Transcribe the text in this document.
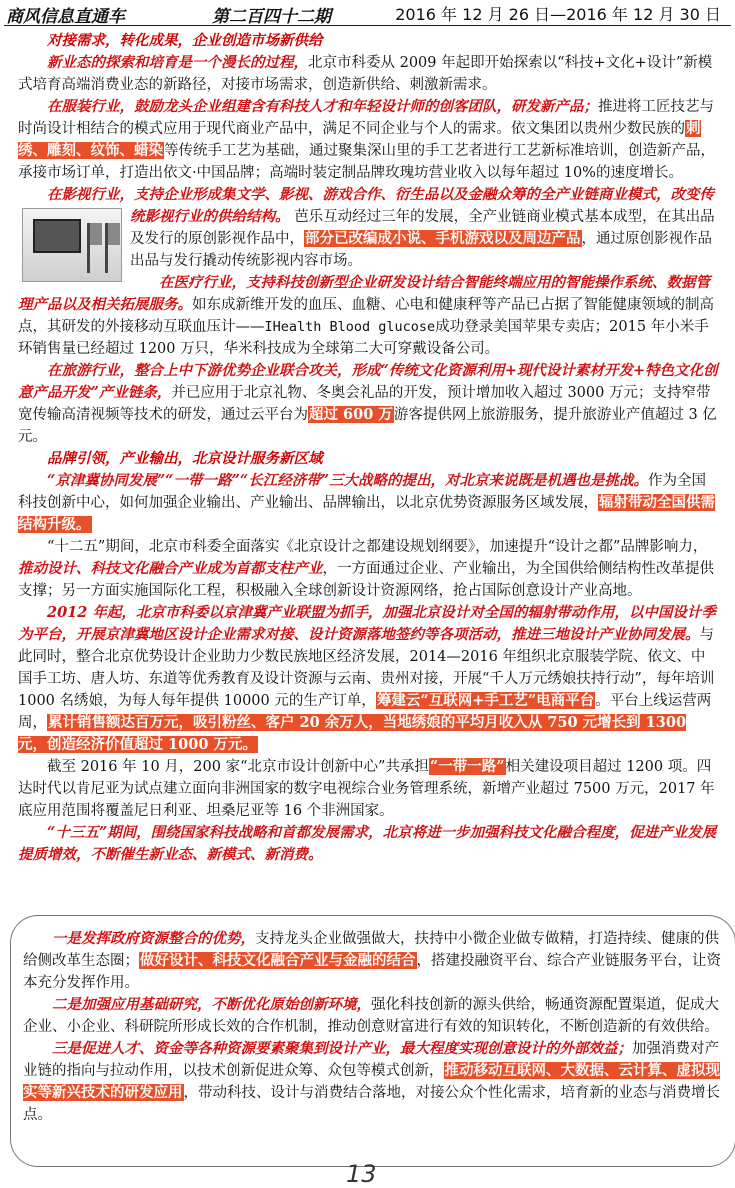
商风信息直通车	第二百四十二期	2016 年 12 月 26 日—2016 年 12 月 30 日

对接需求，转化成果，企业创造市场新供给

新业态的探索和培育是一个漫长的过程，北京市科委从 2009 年起即开始探索以“科技+文化+设计”新模式培育高端消费业态的新路径，对接市场需求，创造新供给、刺激新需求。

在服装行业，鼓励龙头企业组建含有科技人才和年轻设计师的创客团队，研发新产品；推进将工匠技艺与时尚设计相结合的模式应用于现代商业产品中，满足不同企业与个人的需求。依文集团以贵州少数民族的刺绣、雕刻、纹饰、蜡染等传统手工艺为基础，通过聚集深山里的手工艺者进行工艺新标准培训，创造新产品，承接市场订单，打造出依文·中国品牌；高端时装定制品牌玫瑰坊营业收入以每年超过 10%的速度增长。

在影视行业，支持企业形成集文学、影视、游戏合作、衍生品以及金融众筹的全产业链商业模式，改变传统影视行业的供给结构。 芭乐互动经过三年的发展，全产业链商业模式基本成型，在其出品及发行的原创影视作品中，部分已改编成小说、手机游戏以及周边产品，通过原创影视作品出品与发行撬动传统影视内容市场。

在医疗行业，支持科技创新型企业研发设计结合智能终端应用的智能操作系统、数据管理产品以及相关拓展服务。如东成新维开发的血压、血糖、心电和健康秤等产品已占据了智能健康领域的制高点，其研发的外接移动互联血压计——IHealth Blood glucose成功登录美国苹果专卖店；2015 年小米手环销售量已经超过 1200 万只，华米科技成为全球第二大可穿戴设备公司。

在旅游行业，整合上中下游优势企业联合攻关，形成“传统文化资源利用+现代设计素材开发+特色文化创意产品开发”产业链条，并已应用于北京礼物、冬奥会礼品的开发，预计增加收入超过 3000 万元；支持窄带宽传输高清视频等技术的研发，通过云平台为超过 600 万游客提供网上旅游服务，提升旅游业产值超过 3 亿元。

品牌引领，产业输出，北京设计服务新区域

“京津冀协同发展”“一带一路”“长江经济带”三大战略的提出，对北京来说既是机遇也是挑战。作为全国科技创新中心，如何加强企业输出、产业输出、品牌输出，以北京优势资源服务区域发展，辐射带动全国供需结构升级。

“十二五”期间，北京市科委全面落实《北京设计之都建设规划纲要》，加速提升“设计之都”品牌影响力，推动设计、科技文化融合产业成为首都支柱产业，一方面通过企业、产业输出，为全国供给侧结构性改革提供支撑；另一方面实施国际化工程，积极融入全球创新设计资源网络，抢占国际创意设计产业高地。

2012 年起，北京市科委以京津冀产业联盟为抓手，加强北京设计对全国的辐射带动作用，以中国设计季为平台，开展京津冀地区设计企业需求对接、设计资源落地签约等各项活动，推进三地设计产业协同发展。与此同时，整合北京优势设计企业助力少数民族地区经济发展，2014—2016 年组织北京服装学院、依文、中国手工坊、唐人坊、东道等优秀教育及设计资源与云南、贵州对接，开展“千人万元绣娘扶持行动”，每年培训 1000 名绣娘，为每人每年提供 10000 元的生产订单，筹建云“互联网+手工艺”电商平台。平台上线运营两周，累计销售额达百万元，吸引粉丝、客户 20 余万人，当地绣娘的平均月收入从 750 元增长到 1300 元，创造经济价值超过 1000 万元。

截至 2016 年 10 月，200 家“北京市设计创新中心”共承担“一带一路”相关建设项目超过 1200 项。四达时代以肯尼亚为试点建立面向非洲国家的数字电视综合业务管理系统，新增产业超过 7500 万元，2017 年底应用范围将覆盖尼日利亚、坦桑尼亚等 16 个非洲国家。

“十三五”期间，围绕国家科技战略和首都发展需求，北京将进一步加强科技文化融合程度，促进产业发展提质增效，不断催生新业态、新模式、新消费。

一是发挥政府资源整合的优势，支持龙头企业做强做大，扶持中小微企业做专做精，打造持续、健康的供给侧改革生态圈；做好设计、科技文化融合产业与金融的结合，搭建投融资平台、综合产业链服务平台，让资本充分发挥作用。

二是加强应用基础研究，不断优化原始创新环境，强化科技创新的源头供给，畅通资源配置渠道，促成大企业、小企业、科研院所形成长效的合作机制，推动创意财富进行有效的知识转化，不断创造新的有效供给。

三是促进人才、资金等各种资源要素聚集到设计产业，最大程度实现创意设计的外部效益；加强消费对产业链的指向与拉动作用，以技术创新促进众筹、众包等模式创新，推动移动互联网、大数据、云计算、虚拟现实等新兴技术的研发应用，带动科技、设计与消费结合落地，对接公众个性化需求，培育新的业态与消费增长点。

13
